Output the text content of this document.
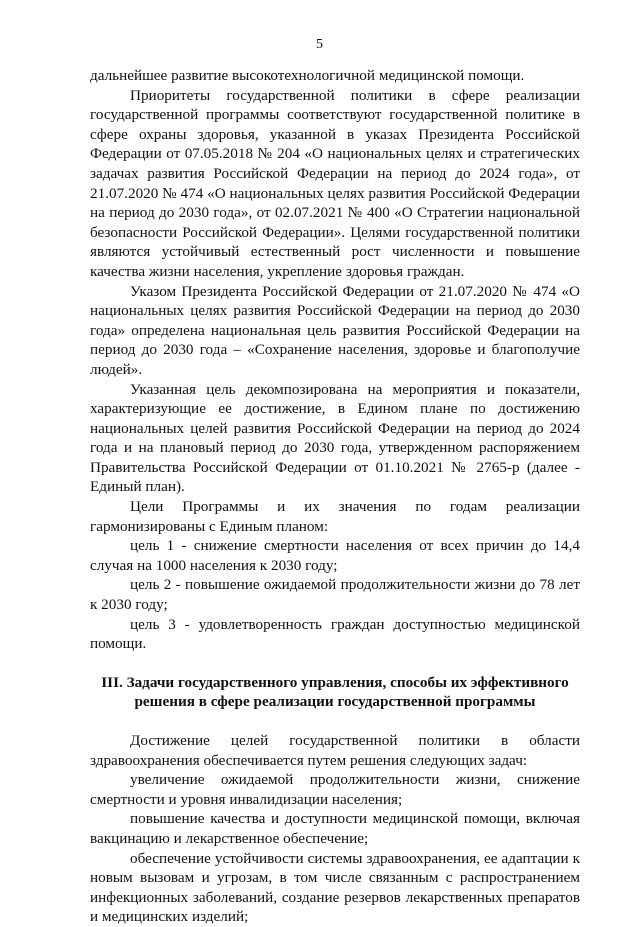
5

дальнейшее развитие высокотехнологичной медицинской помощи.

Приоритеты государственной политики в сфере реализации государственной программы соответствуют государственной политике в сфере охраны здоровья, указанной в указах Президента Российской Федерации от 07.05.2018 № 204 «О национальных целях и стратегических задачах развития Российской Федерации на период до 2024 года», от 21.07.2020 № 474 «О национальных целях развития Российской Федерации на период до 2030 года», от 02.07.2021 № 400 «О Стратегии национальной безопасности Российской Федерации». Целями государственной политики являются устойчивый естественный рост численности и повышение качества жизни населения, укрепление здоровья граждан.

Указом Президента Российской Федерации от 21.07.2020 № 474 «О национальных целях развития Российской Федерации на период до 2030 года» определена национальная цель развития Российской Федерации на период до 2030 года – «Сохранение населения, здоровье и благополучие людей».

Указанная цель декомпозирована на мероприятия и показатели, характеризующие ее достижение, в Едином плане по достижению национальных целей развития Российской Федерации на период до 2024 года и на плановый период до 2030 года, утвержденном распоряжением Правительства Российской Федерации от 01.10.2021 № 2765-р (далее - Единый план).

Цели Программы и их значения по годам реализации гармонизированы с Единым планом:

цель 1 - снижение смертности населения от всех причин до 14,4 случая на 1000 населения к 2030 году;

цель 2 - повышение ожидаемой продолжительности жизни до 78 лет к 2030 году;

цель 3 - удовлетворенность граждан доступностью медицинской помощи.

III. Задачи государственного управления, способы их эффективного решения в сфере реализации государственной программы

Достижение целей государственной политики в области здравоохранения обеспечивается путем решения следующих задач:

увеличение ожидаемой продолжительности жизни, снижение смертности и уровня инвалидизации населения;

повышение качества и доступности медицинской помощи, включая вакцинацию и лекарственное обеспечение;

обеспечение устойчивости системы здравоохранения, ее адаптации к новым вызовам и угрозам, в том числе связанным с распространением инфекционных заболеваний, создание резервов лекарственных препаратов и медицинских изделий;
